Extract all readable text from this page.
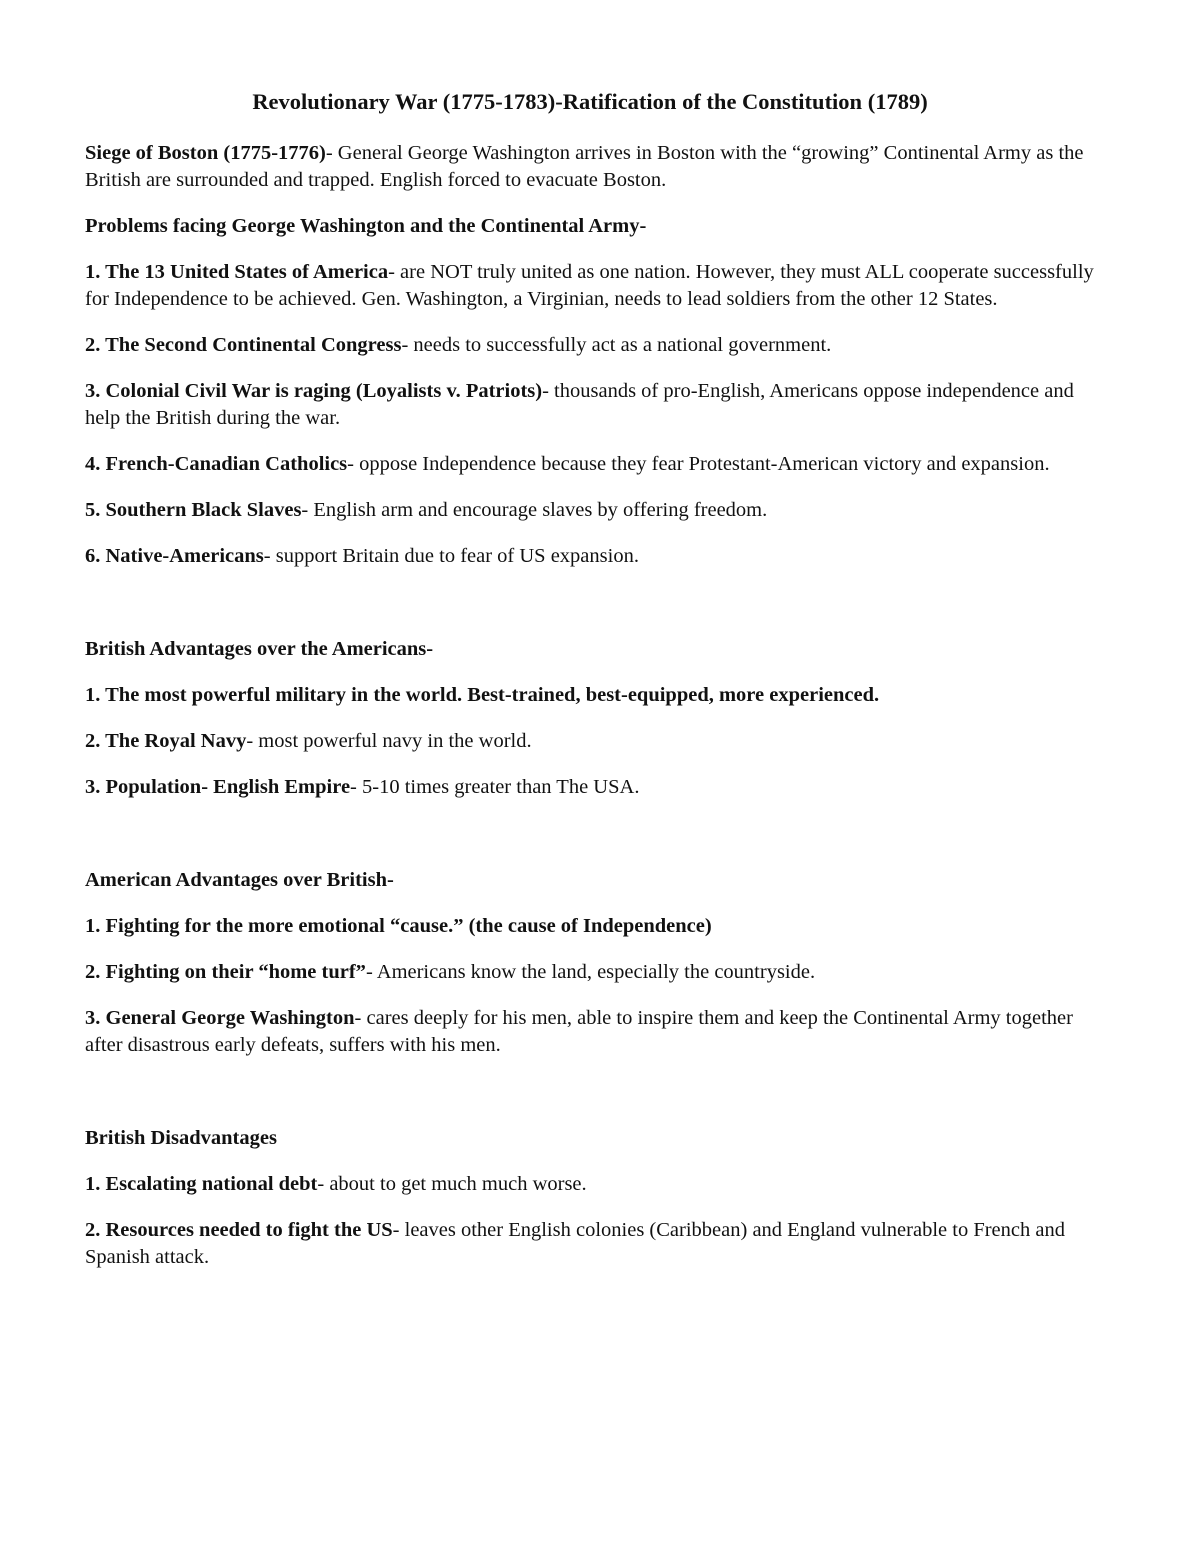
Revolutionary War (1775-1783)-Ratification of the Constitution (1789)

Siege of Boston (1775-1776)- General George Washington arrives in Boston with the “growing” Continental Army as the British are surrounded and trapped. English forced to evacuate Boston.

Problems facing George Washington and the Continental Army-

1. The 13 United States of America- are NOT truly united as one nation. However, they must ALL cooperate successfully for Independence to be achieved. Gen. Washington, a Virginian, needs to lead soldiers from the other 12 States.

2. The Second Continental Congress- needs to successfully act as a national government.

3. Colonial Civil War is raging (Loyalists v. Patriots)- thousands of pro-English, Americans oppose independence and help the British during the war.

4. French-Canadian Catholics- oppose Independence because they fear Protestant-American victory and expansion.

5. Southern Black Slaves- English arm and encourage slaves by offering freedom.

6. Native-Americans- support Britain due to fear of US expansion.

British Advantages over the Americans-

1. The most powerful military in the world. Best-trained, best-equipped, more experienced.

2. The Royal Navy- most powerful navy in the world.

3. Population- English Empire- 5-10 times greater than The USA.

American Advantages over British-

1. Fighting for the more emotional “cause.” (the cause of Independence)

2. Fighting on their “home turf”- Americans know the land, especially the countryside.

3. General George Washington- cares deeply for his men, able to inspire them and keep the Continental Army together after disastrous early defeats, suffers with his men.

British Disadvantages

1. Escalating national debt- about to get much much worse.

2. Resources needed to fight the US- leaves other English colonies (Caribbean) and England vulnerable to French and Spanish attack.
